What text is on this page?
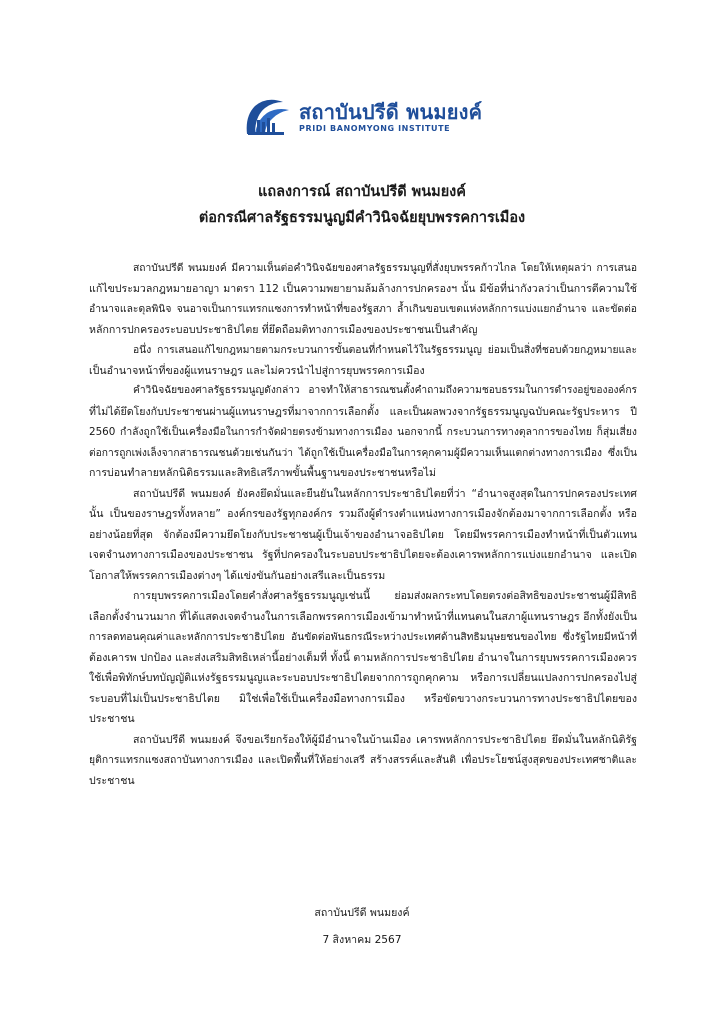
สถาบันปรีดี พนมยงค์
PRIDI BANOMYONG INSTITUTE
แถลงการณ์ สถาบันปรีดี พนมยงค์
ต่อกรณีศาลรัฐธรรมนูญมีคำวินิจฉัยยุบพรรคการเมือง
สถาบันปรีดี พนมยงค์ มีความเห็นต่อคำวินิจฉัยของศาลรัฐธรรมนูญที่สั่งยุบพรรคก้าวไกล โดยให้เหตุผลว่า การเสนอ
แก้ไขประมวลกฎหมายอาญา มาตรา 112 เป็นความพยายามล้มล้างการปกครองฯ นั้น มีข้อที่น่ากังวลว่าเป็นการตีความใช้
อำนาจและดุลพินิจ จนอาจเป็นการแทรกแซงการทำหน้าที่ของรัฐสภา ล้ำเกินขอบเขตแห่งหลักการแบ่งแยกอำนาจ และขัดต่อ
หลักการปกครองระบอบประชาธิปไตย ที่ยึดถือมติทางการเมืองของประชาชนเป็นสำคัญ
อนึ่ง การเสนอแก้ไขกฎหมายตามกระบวนการขั้นตอนที่กำหนดไว้ในรัฐธรรมนูญ ย่อมเป็นสิ่งที่ชอบด้วยกฎหมายและ
เป็นอำนาจหน้าที่ของผู้แทนราษฎร และไม่ควรนำไปสู่การยุบพรรคการเมือง
คำวินิจฉัยของศาลรัฐธรรมนูญดังกล่าว อาจทำให้สาธารณชนตั้งคำถามถึงความชอบธรรมในการดำรงอยู่ขององค์กร
ที่ไม่ได้ยึดโยงกับประชาชนผ่านผู้แทนราษฎรที่มาจากการเลือกตั้ง และเป็นผลพวงจากรัฐธรรมนูญฉบับคณะรัฐประหาร ปี
2560 กำลังถูกใช้เป็นเครื่องมือในการกำจัดฝ่ายตรงข้ามทางการเมือง นอกจากนี้ กระบวนการทางตุลาการของไทย ก็สุ่มเสี่ยง
ต่อการถูกเพ่งเล็งจากสาธารณชนด้วยเช่นกันว่า ได้ถูกใช้เป็นเครื่องมือในการคุกคามผู้มีความเห็นแตกต่างทางการเมือง ซึ่งเป็น
การบ่อนทำลายหลักนิติธรรมและสิทธิเสรีภาพขั้นพื้นฐานของประชาชนหรือไม่
สถาบันปรีดี พนมยงค์ ยังคงยึดมั่นและยืนยันในหลักการประชาธิปไตยที่ว่า “อำนาจสูงสุดในการปกครองประเทศ
นั้น เป็นของราษฎรทั้งหลาย” องค์กรของรัฐทุกองค์กร รวมถึงผู้ดำรงตำแหน่งทางการเมืองจักต้องมาจากการเลือกตั้ง หรือ
อย่างน้อยที่สุด จักต้องมีความยึดโยงกับประชาชนผู้เป็นเจ้าของอำนาจอธิปไตย โดยมีพรรคการเมืองทำหน้าที่เป็นตัวแทน
เจตจำนงทางการเมืองของประชาชน รัฐที่ปกครองในระบอบประชาธิปไตยจะต้องเคารพหลักการแบ่งแยกอำนาจ และเปิด
โอกาสให้พรรคการเมืองต่างๆ ได้แข่งขันกันอย่างเสรีและเป็นธรรม
การยุบพรรคการเมืองโดยคำสั่งศาลรัฐธรรมนูญเช่นนี้ ย่อมส่งผลกระทบโดยตรงต่อสิทธิของประชาชนผู้มีสิทธิ
เลือกตั้งจำนวนมาก ที่ได้แสดงเจตจำนงในการเลือกพรรคการเมืองเข้ามาทำหน้าที่แทนตนในสภาผู้แทนราษฎร อีกทั้งยังเป็น
การลดทอนคุณค่าและหลักการประชาธิปไตย อันขัดต่อพันธกรณีระหว่างประเทศด้านสิทธิมนุษยชนของไทย ซึ่งรัฐไทยมีหน้าที่
ต้องเคารพ ปกป้อง และส่งเสริมสิทธิเหล่านี้อย่างเต็มที่ ทั้งนี้ ตามหลักการประชาธิปไตย อำนาจในการยุบพรรคการเมืองควร
ใช้เพื่อพิทักษ์บทบัญญัติแห่งรัฐธรรมนูญและระบอบประชาธิปไตยจากการถูกคุกคาม หรือการเปลี่ยนแปลงการปกครองไปสู่
ระบอบที่ไม่เป็นประชาธิปไตย มิใช่เพื่อใช้เป็นเครื่องมือทางการเมือง หรือขัดขวางกระบวนการทางประชาธิปไตยของ
ประชาชน
สถาบันปรีดี พนมยงค์ จึงขอเรียกร้องให้ผู้มีอำนาจในบ้านเมือง เคารพหลักการประชาธิปไตย ยึดมั่นในหลักนิติรัฐ
ยุติการแทรกแซงสถาบันทางการเมือง และเปิดพื้นที่ให้อย่างเสรี สร้างสรรค์และสันติ เพื่อประโยชน์สูงสุดของประเทศชาติและ
ประชาชน
สถาบันปรีดี พนมยงค์
7 สิงหาคม 2567
